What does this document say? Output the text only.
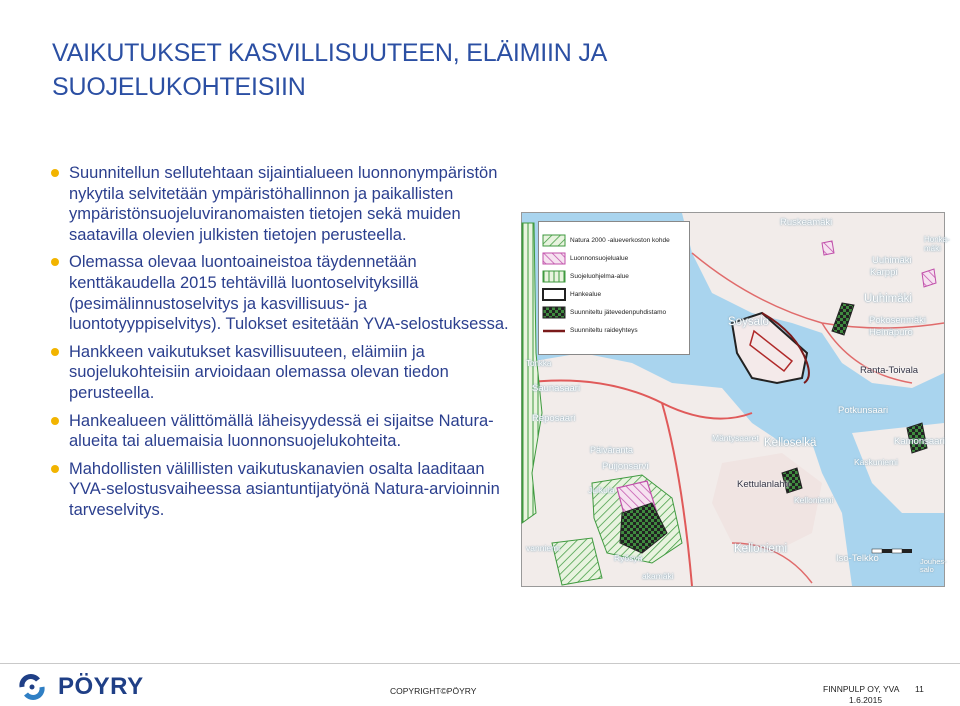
VAIKUTUKSET KASVILLISUUTEEN, ELÄIMIIN JA
SUOJELUKOHTEISIIN
Suunnitellun sellutehtaan sijaintialueen luonnonympäristön nykytila selvitetään ympäristöhallinnon ja paikallisten ympäristönsuojeluviranomaisten tietojen sekä muiden saatavilla olevien julkisten tietojen perusteella.
Olemassa olevaa luontoaineistoa täydennetään kenttäkaudella 2015 tehtävillä luontoselvityksillä (pesimälinnustoselvitys ja kasvillisuus- ja luontotyyppiselvitys). Tulokset esitetään YVA-selostuksessa.
Hankkeen vaikutukset kasvillisuuteen, eläimiin ja suojelukohteisiin arvioidaan olemassa olevan tiedon perusteella.
Hankealueen välittömällä läheisyydessä ei sijaitse Natura-alueita tai aluemaisia luonnonsuojelukohteita.
Mahdollisten välillisten vaikutuskanavien osalta laaditaan YVA-selostusvaiheessa asiantuntijatyönä Natura-arvioinnin tarveselvitys.
Natura 2000 -alueverkoston kohde
Luonnonsuojelualue
Suojeluohjelma-alue
Hankealue
Suunniteltu jätevedenpuhdistamo
Suunniteltu raideyhteys
Ruskeamäki
Honka-mäki
Uuhimäki
Karppi
Uuhimäki
Pokosenmäki
Heinäpuro
Soysalo
Ranta-Toivala
Tonkka
Saunasaari
Reposaari
Potkunsaari
Mäntysaaret Kelloselkä	Kamonsaari
Kaskuniemi
Päiväranta
Puijonsarvi
Kettulanlahti
Julkula
Kelloniemi
Kelloniemi
Ryösyä
vanniemi
Iso-Telkkö	Jouhes-salo
akamäki
PÖYRY	COPYRIGHT©PÖYRY	FINNPULP OY, YVA
1.6.2015
11
